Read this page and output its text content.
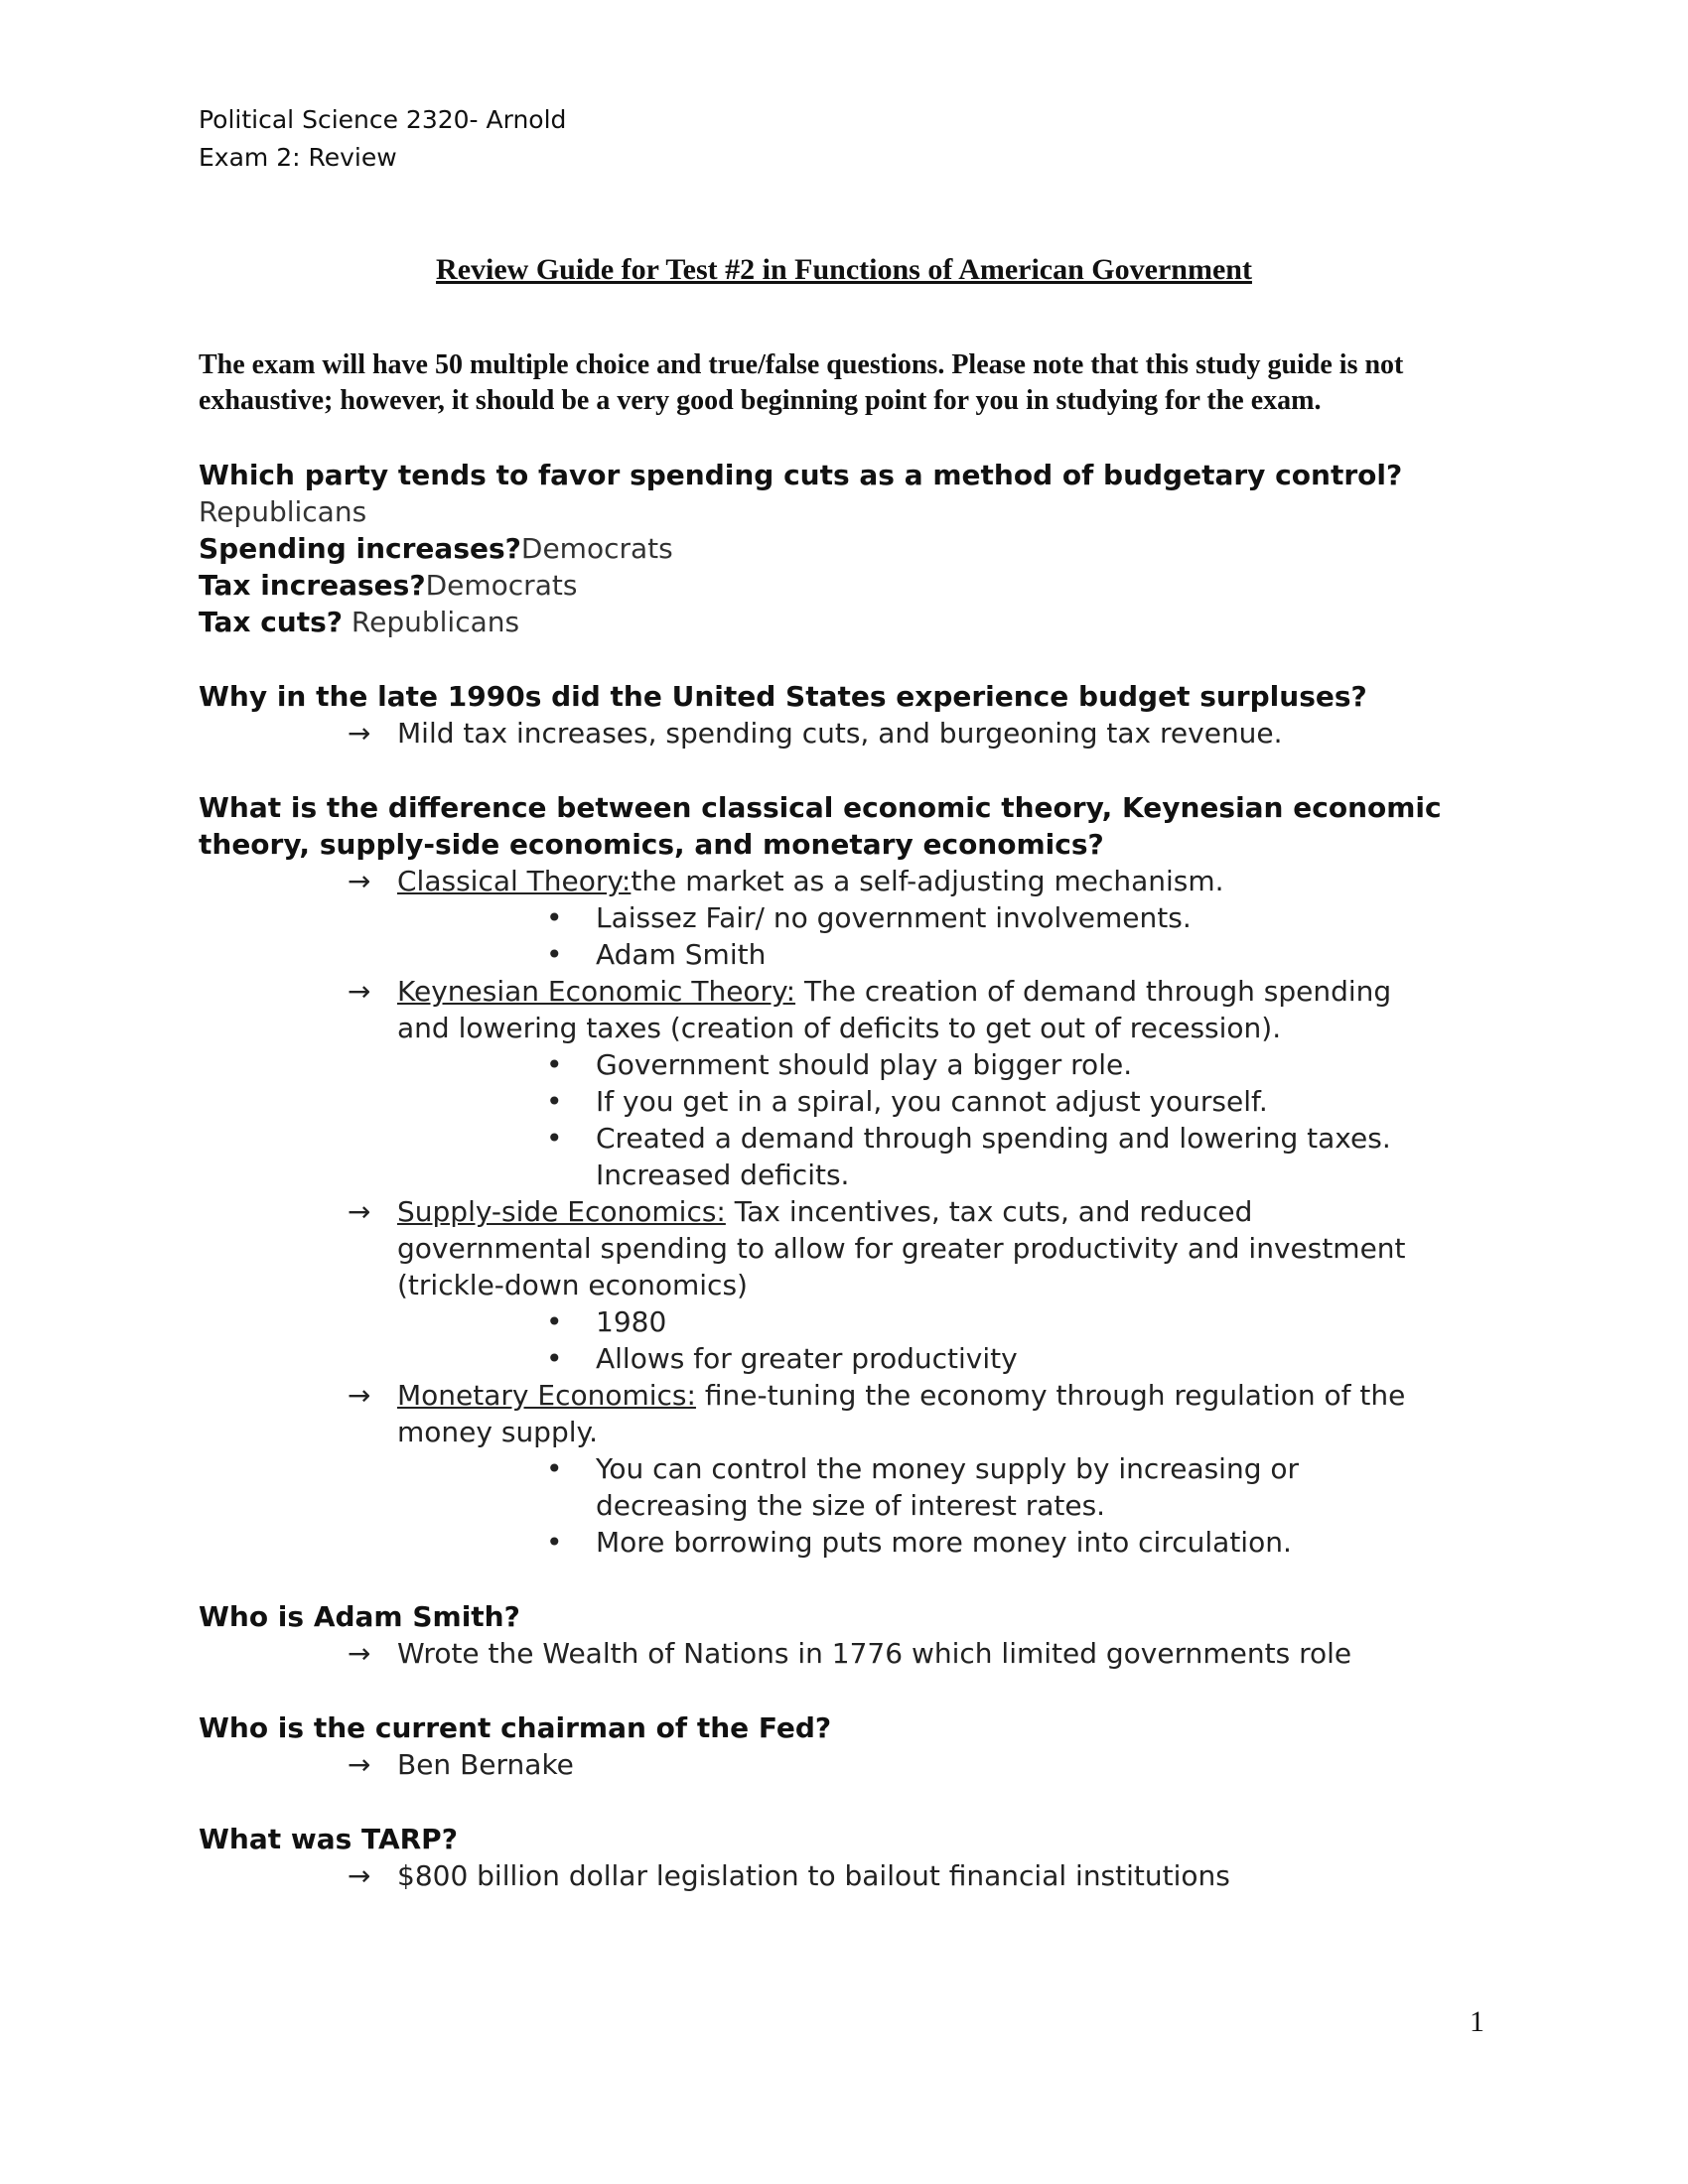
Political Science 2320- Arnold
Exam 2: Review
Review Guide for Test #2 in Functions of American Government
The exam will have 50 multiple choice and true/false questions. Please note that this study guide is not exhaustive; however, it should be a very good beginning point for you in studying for the exam.
Which party tends to favor spending cuts as a method of budgetary control?
Republicans
Spending increases?Democrats
Tax increases?Democrats
Tax cuts? Republicans
Why in the late 1990s did the United States experience budget surpluses?
→ Mild tax increases, spending cuts, and burgeoning tax revenue.
What is the difference between classical economic theory, Keynesian economic
theory, supply-side economics, and monetary economics?
→ Classical Theory:the market as a self-adjusting mechanism.
• Laissez Fair/ no government involvements.
• Adam Smith
→ Keynesian Economic Theory: The creation of demand through spending
and lowering taxes (creation of deficits to get out of recession).
• Government should play a bigger role.
• If you get in a spiral, you cannot adjust yourself.
• Created a demand through spending and lowering taxes.
Increased deficits.
→ Supply-side Economics: Tax incentives, tax cuts, and reduced
governmental spending to allow for greater productivity and investment
(trickle-down economics)
• 1980
• Allows for greater productivity
→ Monetary Economics: fine-tuning the economy through regulation of the
money supply.
• You can control the money supply by increasing or
decreasing the size of interest rates.
• More borrowing puts more money into circulation.
Who is Adam Smith?
→ Wrote the Wealth of Nations in 1776 which limited governments role
Who is the current chairman of the Fed?
→ Ben Bernake
What was TARP?
→ $800 billion dollar legislation to bailout financial institutions
1
